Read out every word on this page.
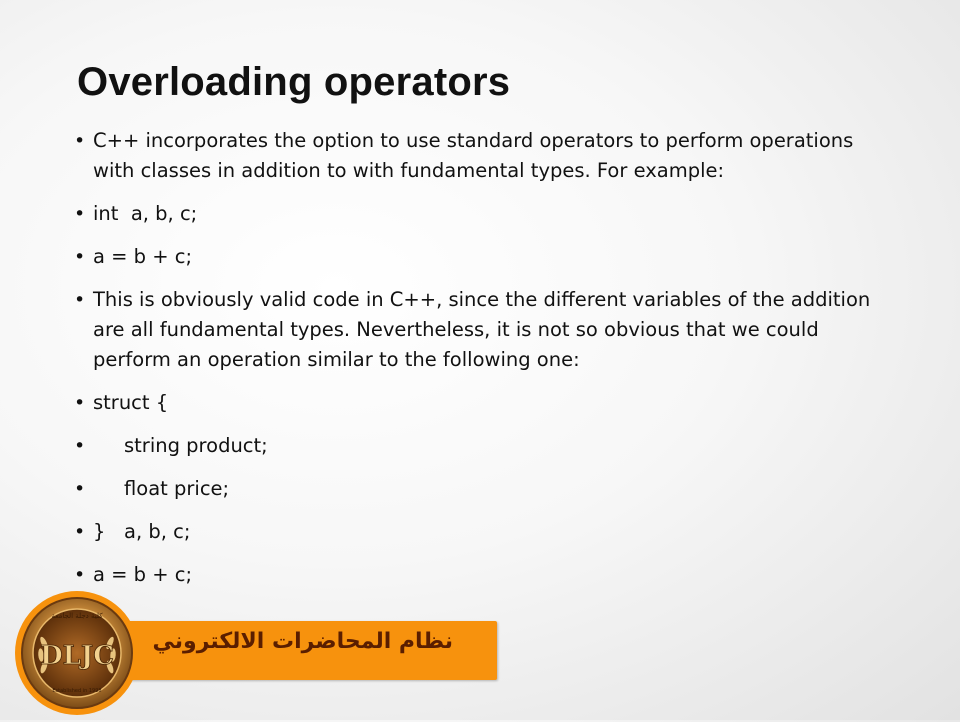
Overloading operators
• C++ incorporates the option to use standard operators to perform operations with classes in addition to with fundamental types. For example:
• int  a, b, c;
• a = b + c;
• This is obviously valid code in C++, since the different variables of the addition are all fundamental types. Nevertheless, it is not so obvious that we could perform an operation similar to the following one:
• struct {
• string product;
• float price;
• }   a, b, c;
• a = b + c;
نظام المحاضرات الالكتروني
DLJC
كلية دجلة الجامعة
Established in 1998
